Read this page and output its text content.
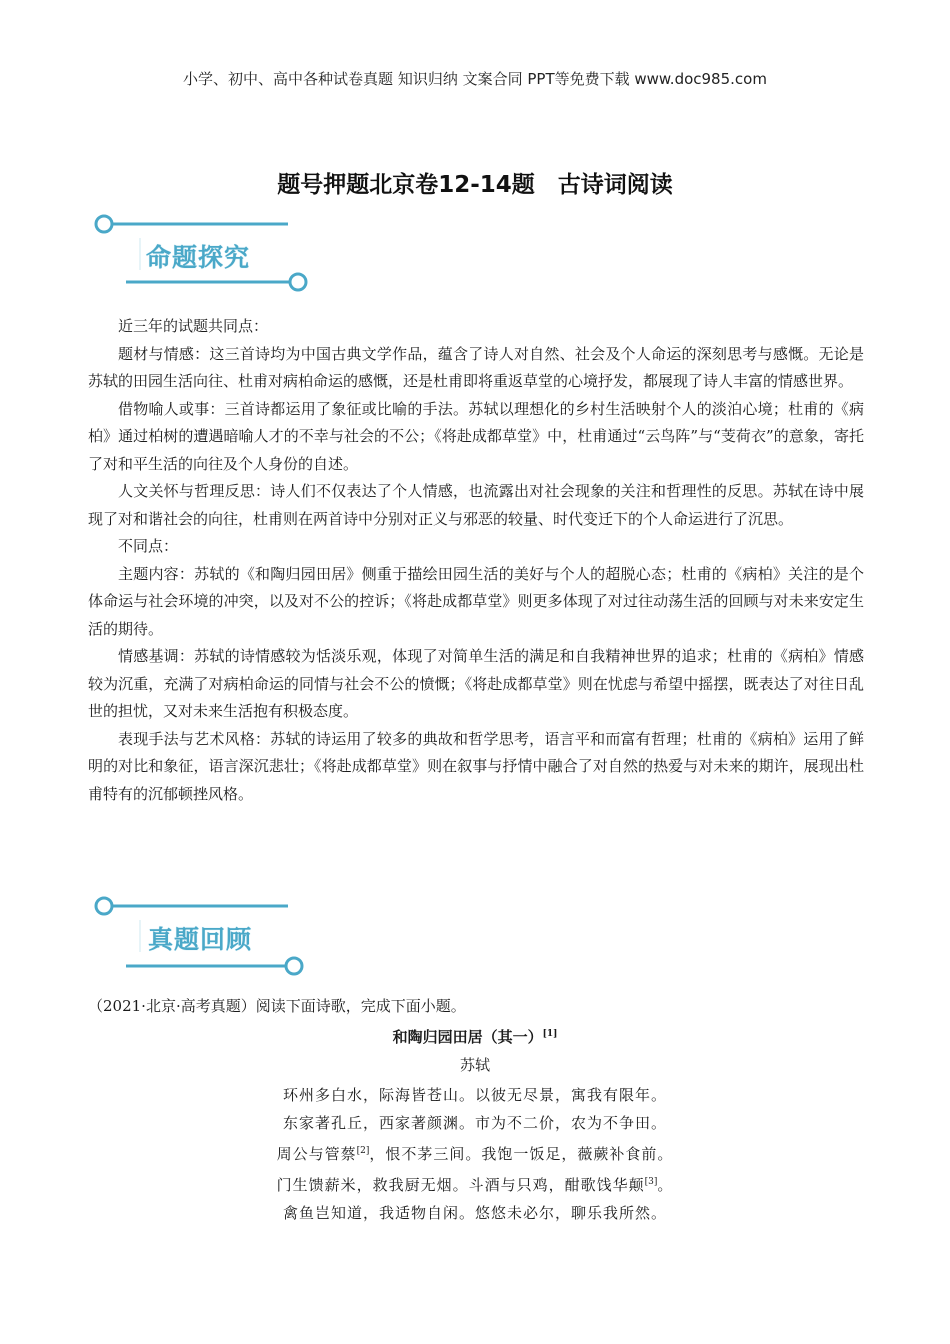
小学、初中、高中各种试卷真题 知识归纳 文案合同 PPT等免费下载 www.doc985.com
题号押题北京卷12-14题　古诗词阅读
命题探究

近三年的试题共同点：

题材与情感：这三首诗均为中国古典文学作品，蕴含了诗人对自然、社会及个人命运的深刻思考与感慨。无论是苏轼的田园生活向往、杜甫对病柏命运的感慨，还是杜甫即将重返草堂的心境抒发，都展现了诗人丰富的情感世界。

借物喻人或事：三首诗都运用了象征或比喻的手法。苏轼以理想化的乡村生活映射个人的淡泊心境；杜甫的《病柏》通过柏树的遭遇暗喻人才的不幸与社会的不公；《将赴成都草堂》中，杜甫通过“云鸟阵”与“芰荷衣”的意象，寄托了对和平生活的向往及个人身份的自述。

人文关怀与哲理反思：诗人们不仅表达了个人情感，也流露出对社会现象的关注和哲理性的反思。苏轼在诗中展现了对和谐社会的向往，杜甫则在两首诗中分别对正义与邪恶的较量、时代变迁下的个人命运进行了沉思。

不同点：

主题内容：苏轼的《和陶归园田居》侧重于描绘田园生活的美好与个人的超脱心态；杜甫的《病柏》关注的是个体命运与社会环境的冲突，以及对不公的控诉；《将赴成都草堂》则更多体现了对过往动荡生活的回顾与对未来安定生活的期待。

情感基调：苏轼的诗情感较为恬淡乐观，体现了对简单生活的满足和自我精神世界的追求；杜甫的《病柏》情感较为沉重，充满了对病柏命运的同情与社会不公的愤慨；《将赴成都草堂》则在忧虑与希望中摇摆，既表达了对往日乱世的担忧，又对未来生活抱有积极态度。

表现手法与艺术风格：苏轼的诗运用了较多的典故和哲学思考，语言平和而富有哲理；杜甫的《病柏》运用了鲜明的对比和象征，语言深沉悲壮；《将赴成都草堂》则在叙事与抒情中融合了对自然的热爱与对未来的期许，展现出杜甫特有的沉郁顿挫风格。

真题回顾
（2021·北京·高考真题）阅读下面诗歌，完成下面小题。
和陶归园田居（其一）[1]
苏轼
环州多白水，际海皆苍山。以彼无尽景，寓我有限年。
东家著孔丘，西家著颜渊。市为不二价，农为不争田。
周公与管蔡[2]，恨不茅三间。我饱一饭足，薇蕨补食前。
门生馈薪米，救我厨无烟。斗酒与只鸡，酣歌饯华颠[3]。
禽鱼岂知道，我适物自闲。悠悠未必尔，聊乐我所然。
